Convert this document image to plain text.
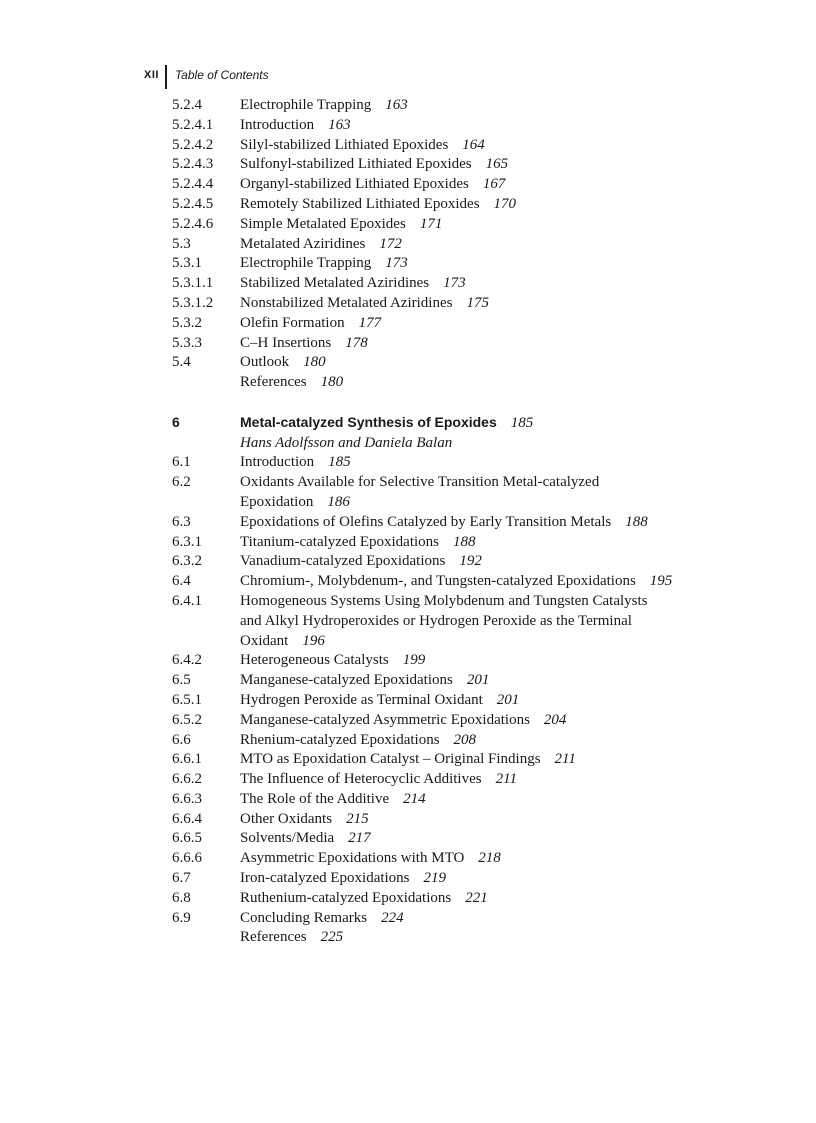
XII Table of Contents
5.2.4	Electrophile Trapping 163
5.2.4.1	Introduction 163
5.2.4.2	Silyl-stabilized Lithiated Epoxides 164
5.2.4.3	Sulfonyl-stabilized Lithiated Epoxides 165
5.2.4.4	Organyl-stabilized Lithiated Epoxides 167
5.2.4.5	Remotely Stabilized Lithiated Epoxides 170
5.2.4.6	Simple Metalated Epoxides 171
5.3	Metalated Aziridines 172
5.3.1	Electrophile Trapping 173
5.3.1.1	Stabilized Metalated Aziridines 173
5.3.1.2	Nonstabilized Metalated Aziridines 175
5.3.2	Olefin Formation 177
5.3.3	C–H Insertions 178
5.4	Outlook 180
References 180
6	Metal-catalyzed Synthesis of Epoxides 185
Hans Adolfsson and Daniela Balan
6.1	Introduction 185
6.2	Oxidants Available for Selective Transition Metal-catalyzed
Epoxidation 186
6.3	Epoxidations of Olefins Catalyzed by Early Transition Metals 188
6.3.1	Titanium-catalyzed Epoxidations 188
6.3.2	Vanadium-catalyzed Epoxidations 192
6.4	Chromium-, Molybdenum-, and Tungsten-catalyzed Epoxidations 195
6.4.1	Homogeneous Systems Using Molybdenum and Tungsten Catalysts
and Alkyl Hydroperoxides or Hydrogen Peroxide as the Terminal
Oxidant 196
6.4.2	Heterogeneous Catalysts 199
6.5	Manganese-catalyzed Epoxidations 201
6.5.1	Hydrogen Peroxide as Terminal Oxidant 201
6.5.2	Manganese-catalyzed Asymmetric Epoxidations 204
6.6	Rhenium-catalyzed Epoxidations 208
6.6.1	MTO as Epoxidation Catalyst – Original Findings 211
6.6.2	The Influence of Heterocyclic Additives 211
6.6.3	The Role of the Additive 214
6.6.4	Other Oxidants 215
6.6.5	Solvents/Media 217
6.6.6	Asymmetric Epoxidations with MTO 218
6.7	Iron-catalyzed Epoxidations 219
6.8	Ruthenium-catalyzed Epoxidations 221
6.9	Concluding Remarks 224
References 225
